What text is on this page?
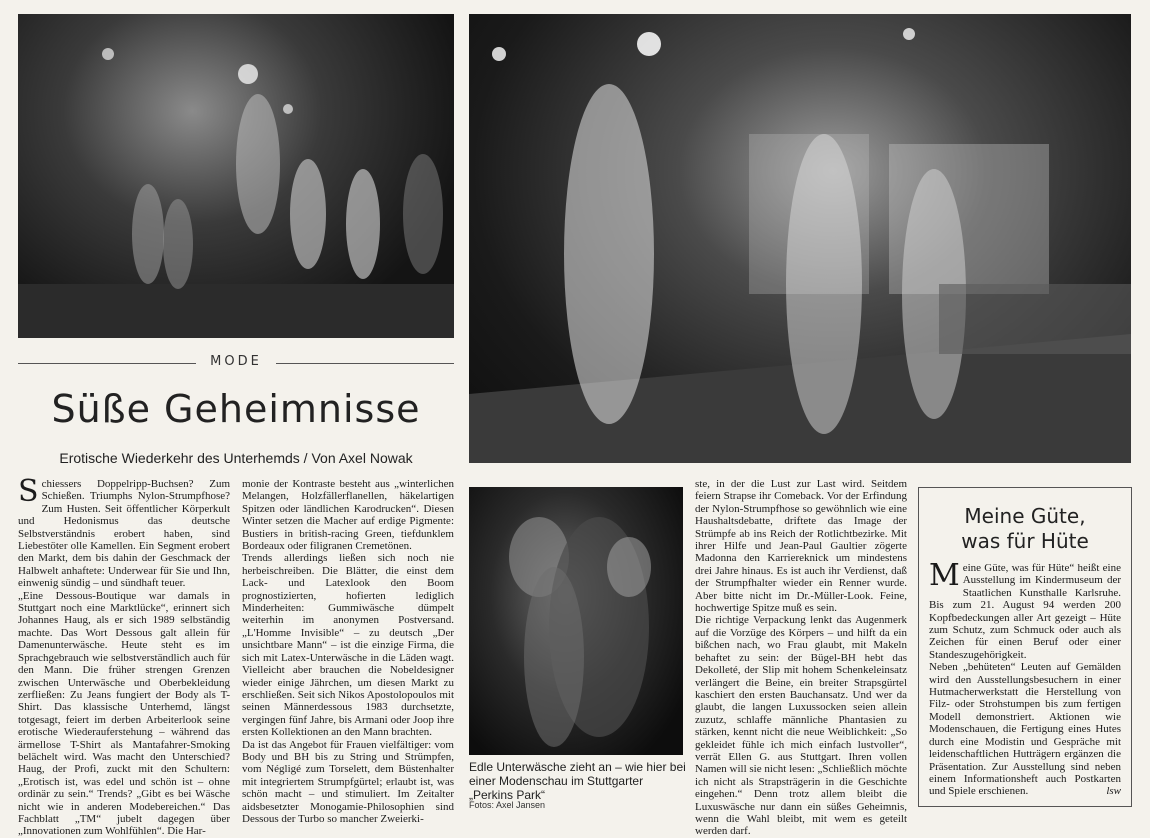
MODE
Süße Geheimnisse
Erotische Wiederkehr des Unterhemds / Von Axel Nowak

Schiessers Doppelripp-Buchsen? Zum Schießen. Triumphs Nylon-Strumpfhose? Zum Husten. Seit öffentlicher Körperkult und Hedonismus das deutsche Selbstverständnis erobert haben, sind Liebestöter olle Kamellen. Ein Segment erobert den Markt, dem bis dahin der Geschmack der Halbwelt anhaftete: Underwear für Sie und Ihn, einwenig sündig – und sündhaft teuer.

„Eine Dessous-Boutique war damals in Stuttgart noch eine Marktlücke“, erinnert sich Johannes Haug, als er sich 1989 selbständig machte. Das Wort Dessous galt allein für Damenunterwäsche. Heute steht es im Sprachgebrauch wie selbstverständlich auch für den Mann. Die früher strengen Grenzen zwischen Unterwäsche und Oberbekleidung zerfließen: Zu Jeans fungiert der Body als T-Shirt. Das klassische Unterhemd, längst totgesagt, feiert im derben Arbeiterlook seine erotische Wiederauferstehung – während das ärmellose T-Shirt als Mantafahrer-Smoking belächelt wird. Was macht den Unterschied? Haug, der Profi, zuckt mit den Schultern: „Erotisch ist, was edel und schön ist – ohne ordinär zu sein.“ Trends? „Gibt es bei Wäsche nicht wie in anderen Modebereichen.“ Das Fachblatt „TM“ jubelt dagegen über „Innovationen zum Wohlfühlen“. Die Har-

monie der Kontraste besteht aus „winterlichen Melangen, Holzfällerflanellen, häkelartigen Spitzen oder ländlichen Karodrucken“. Diesen Winter setzen die Macher auf erdige Pigmente: Bustiers in british-racing Green, tiefdunklem Bordeaux oder filigranen Cremetönen.

Trends allerdings ließen sich noch nie herbeischreiben. Die Blätter, die einst dem Lack- und Latexlook den Boom prognostizierten, hofierten lediglich Minderheiten: Gummiwäsche dümpelt weiterhin im anonymen Postversand. „L'Homme Invisible“ – zu deutsch „Der unsichtbare Mann“ – ist die einzige Firma, die sich mit Latex-Unterwäsche in die Läden wagt. Vielleicht aber brauchen die Nobeldesigner wieder einige Jährchen, um diesen Markt zu erschließen. Seit sich Nikos Apostolopoulos mit seinen Männerdessous 1983 durchsetzte, vergingen fünf Jahre, bis Armani oder Joop ihre ersten Kollektionen an den Mann brachten.

Da ist das Angebot für Frauen vielfältiger: vom Body und BH bis zu String und Strümpfen, vom Négligé zum Torselett, dem Büstenhalter mit integriertem Strumpfgürtel; erlaubt ist, was schön macht – und stimuliert. Im Zeitalter aidsbesetzter Monogamie-Philosophien sind Dessous der Turbo so mancher Zweierki-

ste, in der die Lust zur Last wird. Seitdem feiern Strapse ihr Comeback. Vor der Erfindung der Nylon-Strumpfhose so gewöhnlich wie eine Haushaltsdebatte, driftete das Image der Strümpfe ab ins Reich der Rotlichtbezirke. Mit ihrer Hilfe und Jean-Paul Gaultier zögerte Madonna den Karriereknick um mindestens drei Jahre hinaus. Es ist auch ihr Verdienst, daß der Strumpfhalter wieder ein Renner wurde. Aber bitte nicht im Dr.-Müller-Look. Feine, hochwertige Spitze muß es sein.

Die richtige Verpackung lenkt das Augenmerk auf die Vorzüge des Körpers – und hilft da ein bißchen nach, wo Frau glaubt, mit Makeln behaftet zu sein: der Bügel-BH hebt das Dekolleté, der Slip mit hohem Schenkeleinsatz verlängert die Beine, ein breiter Strapsgürtel kaschiert den ersten Bauchansatz. Und wer da glaubt, die langen Luxussocken seien allein zuzutz, schlaffe männliche Phantasien zu stärken, kennt nicht die neue Weiblichkeit: „So gekleidet fühle ich mich einfach lustvoller“, verrät Ellen G. aus Stuttgart. Ihren vollen Namen will sie nicht lesen: „Schließlich möchte ich nicht als Strapsträgerin in die Geschichte eingehen.“ Denn trotz allem bleibt die Luxuswäsche nur dann ein süßes Geheimnis, wenn die Wahl bleibt, mit wem es geteilt werden darf.

Edle Unterwäsche zieht an – wie hier bei einer Modenschau im Stuttgarter „Perkins Park“
Fotos: Axel Jansen
Meine Güte,
was für Hüte

Meine Güte, was für Hüte“ heißt eine Ausstellung im Kindermuseum der Staatlichen Kunsthalle Karlsruhe. Bis zum 21. August 94 werden 200 Kopfbedeckungen aller Art gezeigt – Hüte zum Schutz, zum Schmuck oder auch als Zeichen für einen Beruf oder einer Standeszugehörigkeit.

Neben „behüteten“ Leuten auf Gemälden wird den Ausstellungsbesuchern in einer Hutmacherwerkstatt die Herstellung von Filz- oder Strohstumpen bis zum fertigen Modell demonstriert. Aktionen wie Modenschauen, die Fertigung eines Hutes durch eine Modistin und Gespräche mit leidenschaftlichen Hutträgern ergänzen die Präsentation. Zur Ausstellung sind neben einem Informationsheft auch Postkarten und Spiele erschienen.	lsw
